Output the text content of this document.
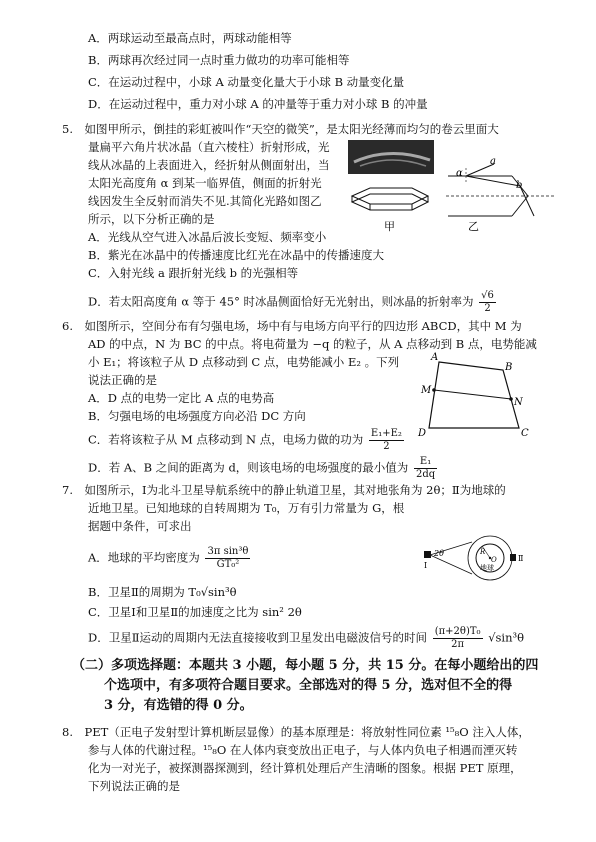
A．两球运动至最高点时，两球动能相等
B．两球再次经过同一点时重力做功的功率可能相等
C．在运动过程中，小球 A 动量变化量大于小球 B 动量变化量
D．在运动过程中，重力对小球 A 的冲量等于重力对小球 B 的冲量
5.　如图甲所示，倒挂的彩虹被叫作“天空的微笑”，是太阳光经薄而均匀的卷云里面大
量扁平六角片状冰晶（直六棱柱）折射形成，光
线从冰晶的上表面进入，经折射从侧面射出，当
太阳光高度角 α 到某一临界值，侧面的折射光
线因发生全反射而消失不见.其简化光路如图乙
所示，以下分析正确的是
A．光线从空气进入冰晶后波长变短、频率变小
B．紫光在冰晶中的传播速度比红光在冰晶中的传播速度大
C．入射光线 a 跟折射光线 b 的光强相等
D．若太阳高度角 α 等于 45° 时冰晶侧面恰好无光射出，则冰晶的折射率为 $\frac{√6}{2}$
甲
α
a
b
乙
6.　如图所示，空间分布有匀强电场，场中有与电场方向平行的四边形 ABCD，其中 M 为
AD 的中点，N 为 BC 的中点。将电荷量为 −q 的粒子，从 A 点移动到 B 点，电势能减
小 E₁；将该粒子从 D 点移动到 C 点，电势能减小 E₂ 。下列
说法正确的是
A．D 点的电势一定比 A 点的电势高
B．匀强电场的电场强度方向必沿 DC 方向
C．若将该粒子从 M 点移动到 N 点，电场力做的功为 $\frac{\text{E₁+E₂}}{2}$
D．若 A、B 之间的距离为 d，则该电场的电场强度的最小值为 $\frac{\text{E₁}}{2dq}$
A
B
M
N
D	C
7.　如图所示，Ⅰ为北斗卫星导航系统中的静止轨道卫星，其对地张角为 2θ；Ⅱ为地球的
近地卫星。已知地球的自转周期为 T₀，万有引力常量为 G，根
据题中条件，可求出
A．地球的平均密度为 $\frac{\text{3π sin³θ}}{\text{GT₀²}}$
B．卫星Ⅱ的周期为 T₀√sin³θ
C．卫星Ⅰ和卫星Ⅱ的加速度之比为 sin² 2θ
D．卫星Ⅱ运动的周期内无法直接接收到卫星发出电磁波信号的时间 $\frac{\text{(π+2θ)T₀}}{2\pi} √\sin^3\theta$
Ⅰ
2θ	R
O
地球
Ⅱ
（二）多项选择题：本题共 3 小题，每小题 5 分，共 15 分。在每小题给出的四
个选项中，有多项符合题目要求。全部选对的得 5 分，选对但不全的得
3 分，有选错的得 0 分。
8.　PET（正电子发射型计算机断层显像）的基本原理是：将放射性同位素 ¹⁵₈O 注入人体，
参与人体的代谢过程。¹⁵₈O 在人体内衰变放出正电子，与人体内负电子相遇而湮灭转
化为一对光子，被探测器探测到，经计算机处理后产生清晰的图象。根据 PET 原理，
下列说法正确的是
